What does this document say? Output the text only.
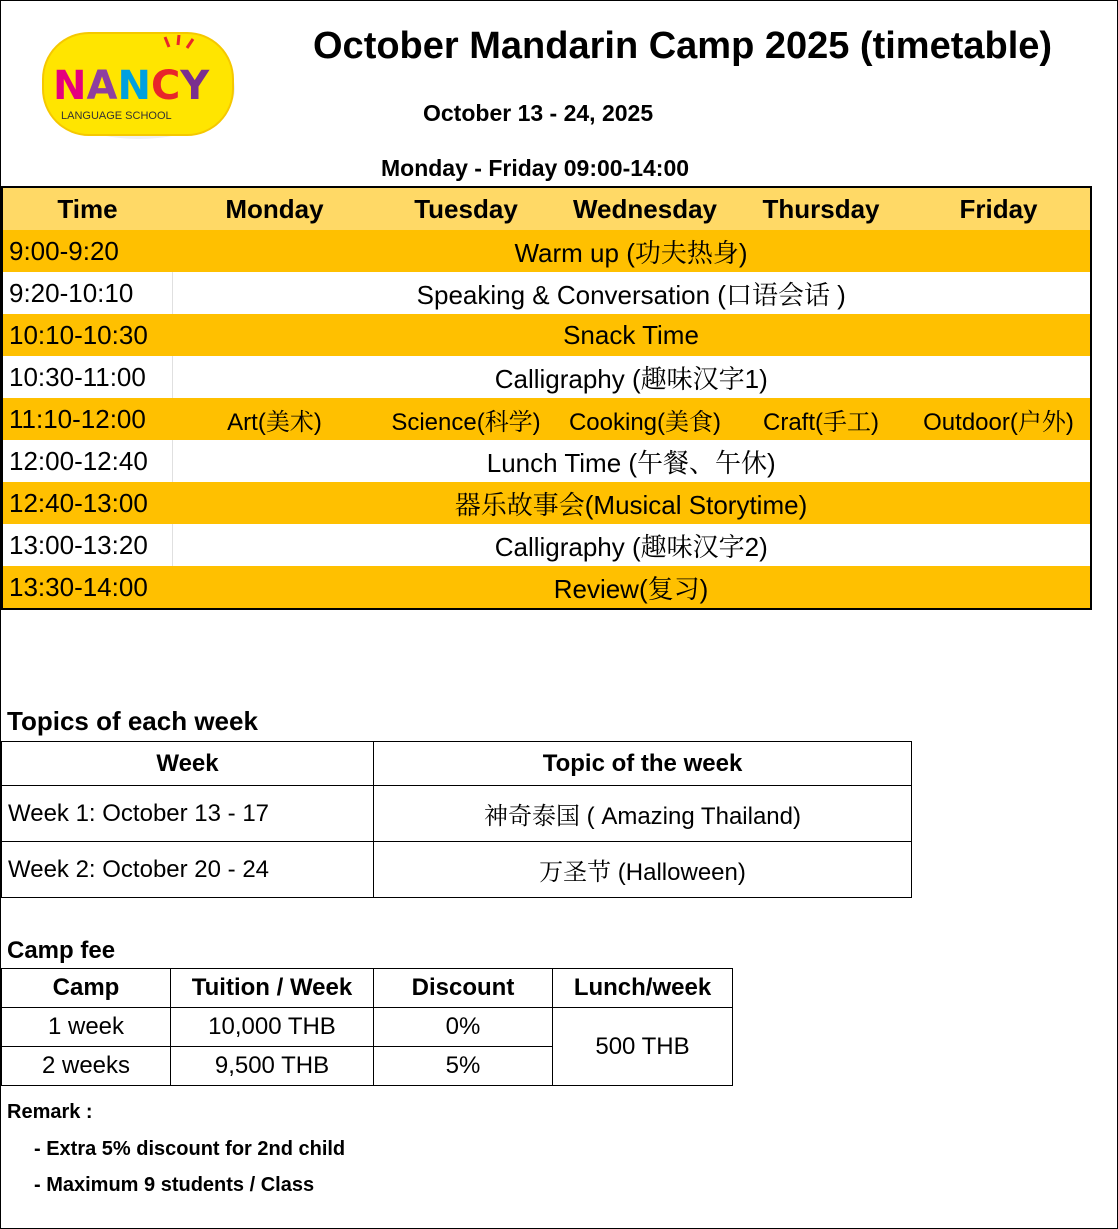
NANCY
LANGUAGE SCHOOL
October Mandarin Camp 2025 (timetable)
October 13 - 24, 2025
Monday - Friday 09:00-14:00
Time	Monday	Tuesday	Wednesday	Thursday	Friday
9:00-9:20	Warm up (功夫热身)				
9:20-10:10	Speaking & Conversation (口语会话 )				
10:10-10:30	Snack Time				
10:30-11:00	Calligraphy (趣味汉字1)				
11:10-12:00	Art(美术)	Science(科学)	Cooking(美食)	Craft(手工)	Outdoor(户外)
12:00-12:40	Lunch Time (午餐、午休)				
12:40-13:00	器乐故事会(Musical Storytime)				
13:00-13:20	Calligraphy (趣味汉字2)				
13:30-14:00	Review(复习)				
Topics of each week
Week	Topic of the week
Week 1: October 13 - 17	神奇泰国 ( Amazing Thailand)
Week 2: October 20 - 24	万圣节 (Halloween)
Camp fee
Camp	Tuition / Week	Discount	Lunch/week
1 week	10,000 THB	0%	500 THB
2 weeks	9,500 THB	5%	
Remark :
- Extra 5% discount for 2nd child
- Maximum 9 students / Class
